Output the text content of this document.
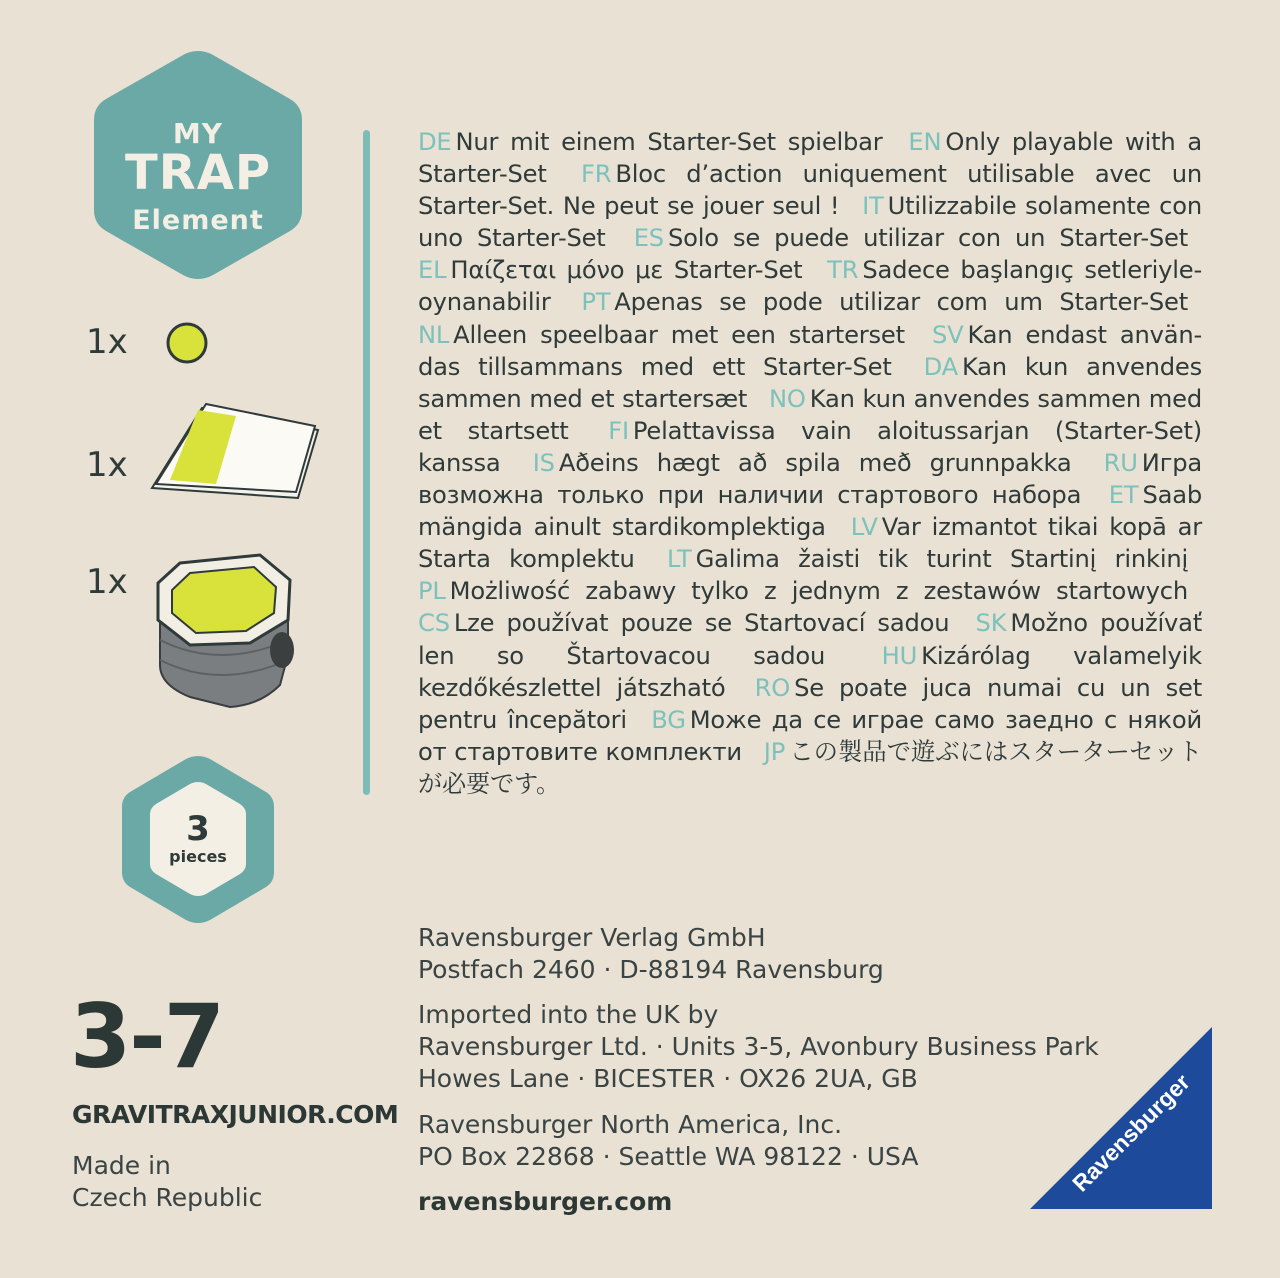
MY
TRAP
Element
1x
1x
1x
3
pieces
3-7
GRAVITRAXJUNIOR.COM
Made in
Czech Republic
DE Nur mit einem Starter-Set spielbar EN Only playable with a Starter-Set FR Bloc d’action uniquement utilisable avec un Starter-Set. Ne peut se jouer seul ! IT Utilizzabile solamente con uno Starter-Set ES Solo se puede utilizar con un Starter-Set EL Παίζεται μόνο με Starter-Set TR Sadece başlangıç setleriyle-oynanabilir PT Apenas se pode utilizar com um Starter-Set NL Alleen speelbaar met een starterset SV Kan endast använ-das tillsammans med ett Starter-Set DA Kan kun anvendes sammen med et startersæt NO Kan kun anvendes sammen med et startsett FI Pelattavissa vain aloitussarjan (Starter-Set) kanssa IS Aðeins hægt að spila með grunnpakka RU Игра возможна только при наличии стартового набора ET Saab mängida ainult stardikomplektiga LV Var izmantot tikai kopā ar Starta komplektu LT Galima žaisti tik turint Startinį rinkinį PL Możliwość zabawy tylko z jednym z zestawów startowych CS Lze používat pouze se Startovací sadou SK Možno používať len so Štartovacou sadou HU Kizárólag valamelyik kezdőkészlettel játszható RO Se poate juca numai cu un set pentru începători BG Може да се играе само заедно с някой от стартовите комплекти JP この製品で遊ぶにはスターターセットが必要です。
Ravensburger Verlag GmbH
Postfach 2460 · D-88194 Ravensburg
Imported into the UK by
Ravensburger Ltd. · Units 3-5, Avonbury Business Park
Howes Lane · BICESTER · OX26 2UA, GB
Ravensburger North America, Inc.
PO Box 22868 · Seattle WA 98122 · USA
ravensburger.com
Ravensburger
